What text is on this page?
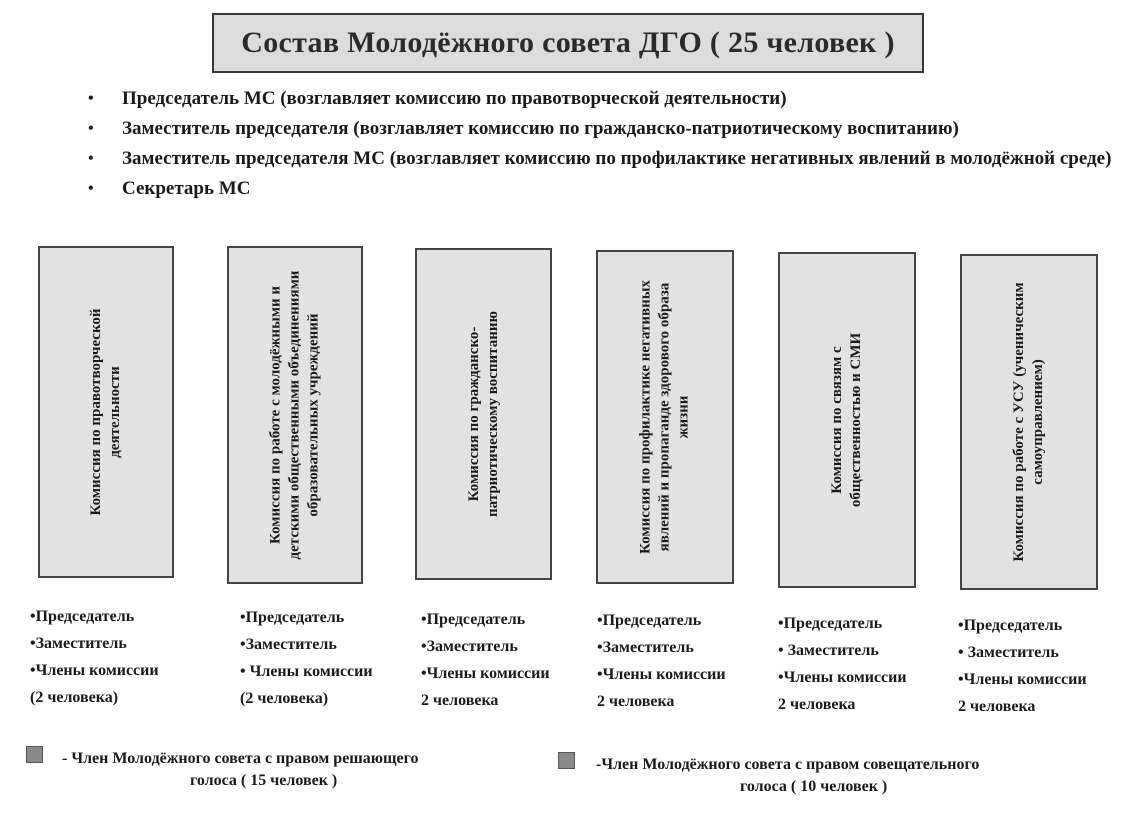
Состав Молодёжного совета ДГО ( 25 человек )
•	Председатель МС (возглавляет комиссию по правотворческой деятельности)
•	Заместитель председателя (возглавляет комиссию по гражданско-патриотическому воспитанию)
•	Заместитель председателя МС (возглавляет комиссию по профилактике негативных явлений в молодёжной среде)
•	Секретарь МС
Комиссия по правотворческой деятельности	Комиссия по работе с молодёжными и детскими общественными объединениями образовательных учреждений	Комиссия по гражданско-патриотическому воспитанию	Комиссия по профилактике негативных явлений и пропаганде здорового образа жизни	Комиссия по связям с общественностью и СМИ	Комиссия по работе с УСУ (ученическим самоуправлением)
•Председатель
•Заместитель
•Члены комиссии
(2 человека)
•Председатель
•Заместитель
• Члены комиссии
(2 человека)
•Председатель
•Заместитель
•Члены комиссии
2 человека
•Председатель
•Заместитель
•Члены комиссии
2 человека
•Председатель
• Заместитель
•Члены комиссии
2 человека
•Председатель
• Заместитель
•Члены комиссии
2 человека
- Член Молодёжного совета с правом решающего
голоса ( 15 человек )
-Член Молодёжного совета с правом совещательного
голоса ( 10 человек )
